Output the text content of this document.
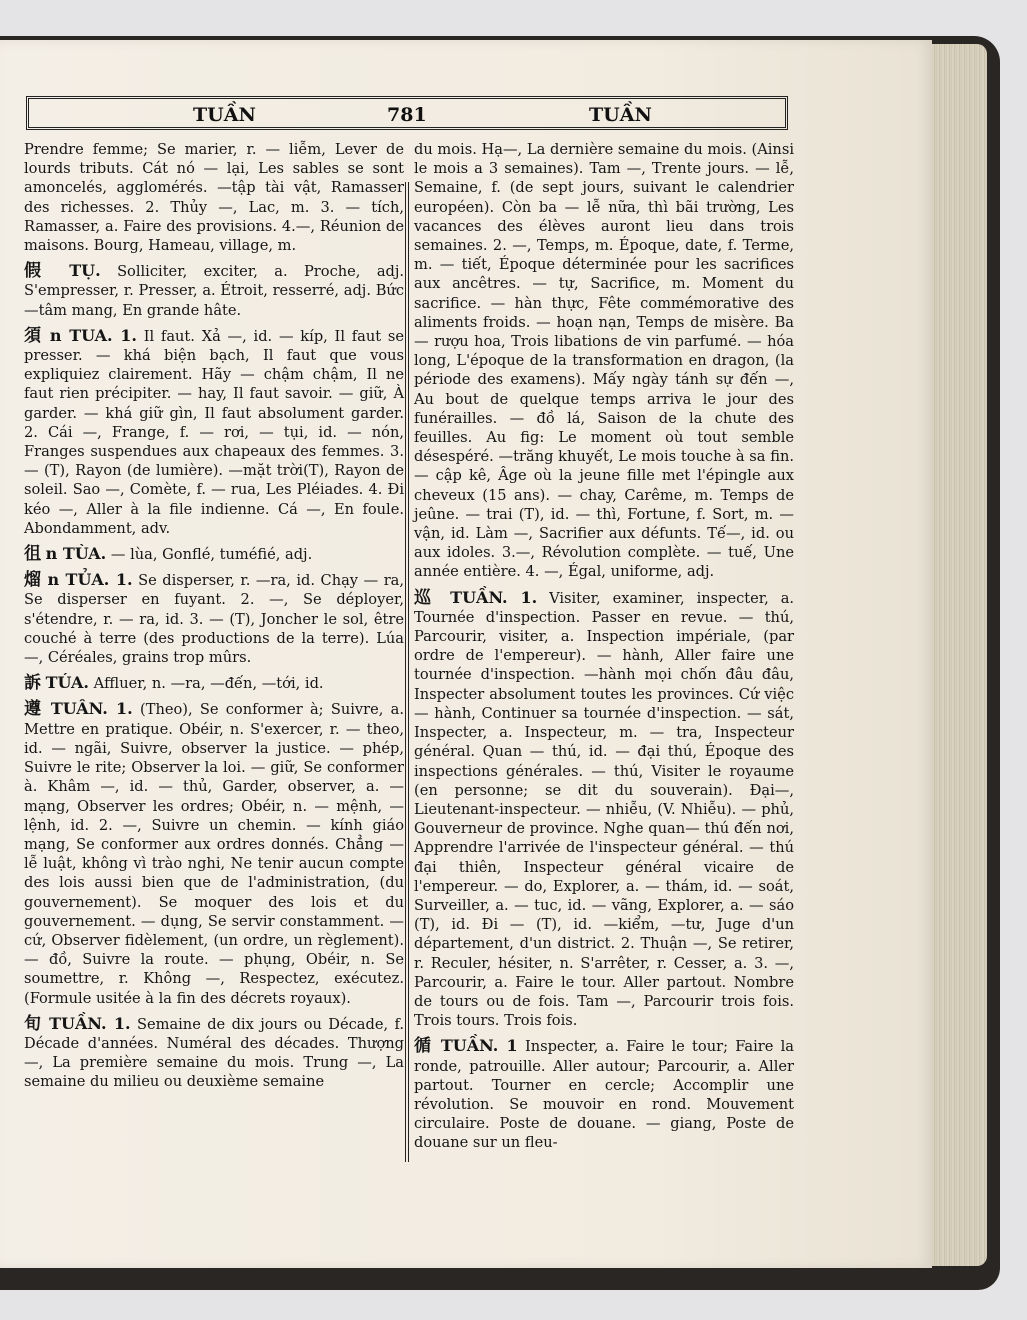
TUẦN	781	TUẦN

Prendre femme; Se marier, r. — liễm, Lever de lourds tributs. Cát nó — lại, Les sables se sont amoncelés, agglomérés. —tập tài vật, Ramasser des richesses. 2. Thủy —, Lac, m. 3. — tích, Ramasser, a. Faire des provisions. 4.—, Réunion de maisons. Bourg, Hameau, village, m.

假 TỤ. Solliciter, exciter, a. Proche, adj. S'empresser, r. Presser, a. Étroit, resserré, adj. Bức—tâm mang, En grande hâte.

須 n TUA. 1. Il faut. Xả —, id. — kíp, Il faut se presser. — khá biện bạch, Il faut que vous expliquiez clairement. Hãy — chậm chậm, Il ne faut rien précipiter. — hay, Il faut savoir. — giữ, À garder. — khá giữ gìn, Il faut absolument garder. 2. Cái —, Frange, f. — rơi, — tụi, id. — nón, Franges suspendues aux chapeaux des femmes. 3. — (T), Rayon (de lumière). —mặt trời(T), Rayon de soleil. Sao —, Comète, f. — rua, Les Pléiades. 4. Đi kéo —, Aller à la file indienne. Cá —, En foule. Abondamment, adv.

徂 n TÙA. — lùa, Gonflé, tuméfié, adj.

熘 n TỦA. 1. Se disperser, r. —ra, id. Chạy — ra, Se disperser en fuyant. 2. —, Se déployer, s'étendre, r. — ra, id. 3. — (T), Joncher le sol, être couché à terre (des productions de la terre). Lúa —, Céréales, grains trop mûrs.

訴 TÚA. Affluer, n. —ra, —đến, —tới, id.

遵 TUÂN. 1. (Theo), Se conformer à; Suivre, a. Mettre en pratique. Obéir, n. S'exercer, r. — theo, id. — ngãi, Suivre, observer la justice. — phép, Suivre le rite; Observer la loi. — giữ, Se conformer à. Khâm —, id. — thủ, Garder, observer, a. — mạng, Observer les ordres; Obéir, n. — mệnh, — lệnh, id. 2. —, Suivre un chemin. — kính giáo mạng, Se conformer aux ordres donnés. Chẳng — lễ luật, không vì trào nghi, Ne tenir aucun compte des lois aussi bien que de l'administration, (du gouvernement). Se moquer des lois et du gouvernement. — dụng, Se servir constamment. — cứ, Observer fidèlement, (un ordre, un règlement). — đồ, Suivre la route. — phụng, Obéir, n. Se soumettre, r. Không —, Respectez, exécutez. (Formule usitée à la fin des décrets royaux).

旬 TUẦN. 1. Semaine de dix jours ou Décade, f. Décade d'années. Numéral des décades. Thượng —, La première semaine du mois. Trung —, La semaine du milieu ou deuxième semaine

du mois. Hạ—, La dernière semaine du mois. (Ainsi le mois a 3 semaines). Tam —, Trente jours. — lễ, Semaine, f. (de sept jours, suivant le calendrier européen). Còn ba — lễ nữa, thì bãi trường, Les vacances des élèves auront lieu dans trois semaines. 2. —, Temps, m. Époque, date, f. Terme, m. — tiết, Époque déterminée pour les sacrifices aux ancêtres. — tự, Sacrifice, m. Moment du sacrifice. — hàn thực, Fête commémorative des aliments froids. — hoạn nạn, Temps de misère. Ba — rượu hoa, Trois libations de vin parfumé. — hóa long, L'époque de la transformation en dragon, (la période des examens). Mấy ngày tánh sự đến —, Au bout de quelque temps arriva le jour des funérailles. — đồ lá, Saison de la chute des feuilles. Au fig: Le moment où tout semble désespéré. —trăng khuyết, Le mois touche à sa fin. — cập kê, Âge où la jeune fille met l'épingle aux cheveux (15 ans). — chay, Carême, m. Temps de jeûne. — trai (T), id. — thì, Fortune, f. Sort, m. — vận, id. Làm —, Sacrifier aux défunts. Tế—, id. ou aux idoles. 3.—, Révolution complète. — tuế, Une année entière. 4. —, Égal, uniforme, adj.

巡 TUẦN. 1. Visiter, examiner, inspecter, a. Tournée d'inspection. Passer en revue. — thú, Parcourir, visiter, a. Inspection impériale, (par ordre de l'empereur). — hành, Aller faire une tournée d'inspection. —hành mọi chốn đâu đâu, Inspecter absolument toutes les provinces. Cứ việc — hành, Continuer sa tournée d'inspection. — sát, Inspecter, a. Inspecteur, m. — tra, Inspecteur général. Quan — thú, id. — đại thú, Époque des inspections générales. — thú, Visiter le royaume (en personne; se dit du souverain). Đại—, Lieutenant-inspecteur. — nhiễu, (V. Nhiễu). — phủ, Gouverneur de province. Nghe quan— thú đến nơi, Apprendre l'arrivée de l'inspecteur général. — thú đại thiên, Inspecteur général vicaire de l'empereur. — do, Explorer, a. — thám, id. — soát, Surveiller, a. — tuc, id. — vãng, Explorer, a. — sáo (T), id. Đi — (T), id. —kiểm, —tư, Juge d'un département, d'un district. 2. Thuận —, Se retirer, r. Reculer, hésiter, n. S'arrêter, r. Cesser, a. 3. —, Parcourir, a. Faire le tour. Aller partout. Nombre de tours ou de fois. Tam —, Parcourir trois fois. Trois tours. Trois fois.

循 TUẦN. 1 Inspecter, a. Faire le tour; Faire la ronde, patrouille. Aller autour; Parcourir, a. Aller partout. Tourner en cercle; Accomplir une révolution. Se mouvoir en rond. Mouvement circulaire. Poste de douane. — giang, Poste de douane sur un fleu-
